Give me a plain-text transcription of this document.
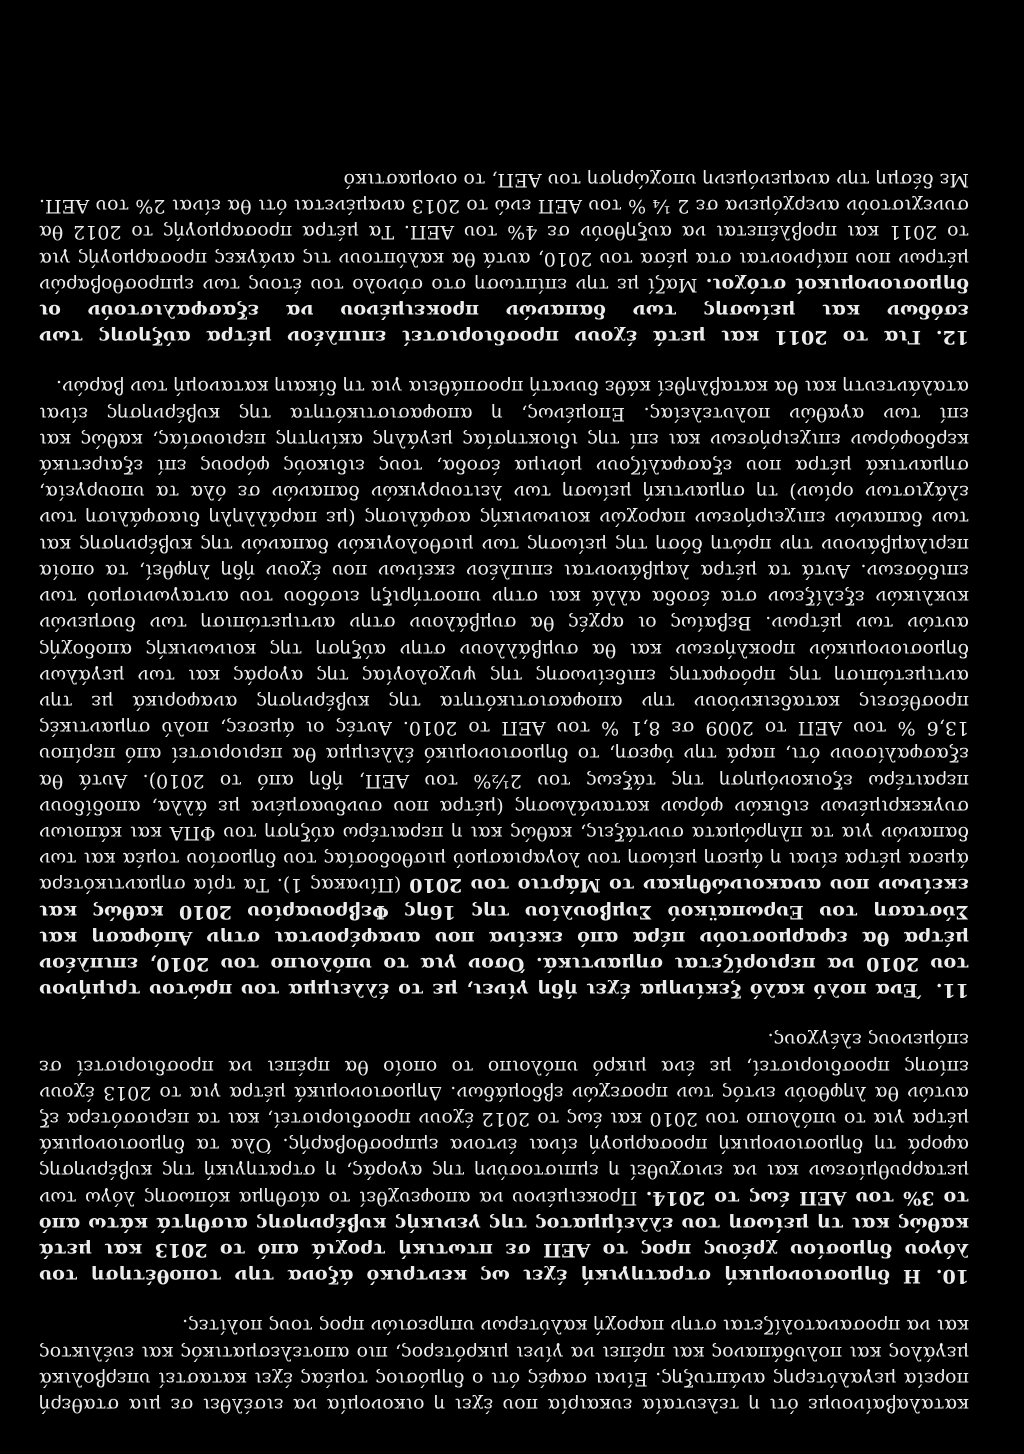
καταλαβαίνουμε ότι η τελευταία ευκαιρία που έχει η οικονομία να εισέλθει σε μια σταθερή πορεία μεγαλύτερης ανάπτυξης. Είναι σαφές ότι ο δημόσιος τομέας έχει καταστεί υπερβολικά μεγάλος και πολυδάπανος και πρέπει να γίνει μικρότερος, πιο αποτελεσματικός και ευέλικτος και να προσανατολίζεται στην παροχή καλύτερων υπηρεσιών προς τους πολίτες.

10.Η δημοσιονομική στρατηγική έχει ως κεντρικό άξονα την τοποθέτηση του λόγου δημοσίου χρέους προς το ΑΕΠ σε πτωτική τροχιά από το 2013 και μετά καθώς και τη μείωση του ελλείμματος της γενικής κυβέρνησης αισθητά κάτω από το 3% του ΑΕΠ έως το 2014. Προκειμένου να αποφευχθεί το αίσθημα κόπωσης λόγω των μεταρρυθμίσεων και να ενισχυθεί η εμπιστοσύνη της αγοράς, η στρατηγική της κυβέρνησης αφορά τη δημοσιονομική προσαρμογή είναι έντονα εμπροσθοβαρής. Όλα τα δημοσιονομικά μέτρα για το υπόλοιπο του 2010 και έως το 2012 έχουν προσδιοριστεί, και τα περισσότερα εξ αυτών θα ληφθούν εντός των προσεχών εβδομάδων. Δημοσιονομικά μέτρα για το 2013 έχουν επίσης προσδιοριστεί, με ένα μικρό υπόλοιπο το οποίο θα πρέπει να προσδιοριστεί σε επόμενους ελέγχους.

11.Ένα πολύ καλό ξεκίνημα έχει ήδη γίνει, με το έλλειμμα του πρώτου τριμήνου του 2010 να περιορίζεται σημαντικά. Όσον για το υπόλοιπο του 2010, επιπλέον μέτρα θα εφαρμοστούν πέρα από εκείνα που αναφέρονται στην Απόφαση και Σύσταση του Ευρωπαϊκού Συμβουλίου της 16ης Φεβρουαρίου 2010 καθώς και εκείνων που ανακοινώθηκαν το Μάρτιο του 2010 (Πίνακας 1). Τα τρία σημαντικότερα άμεσα μέτρα είναι η άμεση μείωση του λογαριασμού μισθοδοσίας του δημοσίου τομέα και των δαπανών για τα πληρώματα συντάξεις, καθώς και η περαιτέρω αύξηση του ΦΠΑ και κάποιων συγκεκριμένων ειδικών φόρων κατανάλωσης (μέτρα που συνδυασμένα με άλλα, αποδίδουν περαιτέρω εξοικονόμηση της τάξεως του 2½% του ΑΕΠ, ήδη από το 2010). Αυτά θα εξασφαλίσουν ότι, παρά την ύφεση, το δημοσιονομικό έλλειμμα θα περιοριστεί από περίπου 13,6 % του ΑΕΠ το 2009 σε 8,1 % του ΑΕΠ το 2010. Αυτές οι άμεσες, πολύ σημαντικές προσθέσεις καταδεικνύουν την αποφασιστικότητα της κυβέρνησης αναφορικά με την αντιμετώπιση της πρόσφατης επιδείνωσης της ψυχολογίας της αγοράς και των μεγάλων δημοσιονομικών προκλήσεων και θα συμβάλλουν στην αύξηση της κοινωνικής αποδοχής αυτών των μέτρων. Βεβαίως οι αρχές θα συμβάλουν στην αντιμετώπιση των δυσμενών κυκλικών εξελίξεων στα έσοδα αλλά και στην υποστήριξη εισόδου του ανταγωνισμού των επιδόσεων. Αυτά τα μέτρα λαμβάνονται επιπλέον εκείνων που έχουν ήδη ληφθεί, τα οποία περιλαμβάνουν την πρώτη δόση της μείωσης των μισθολογικών δαπανών της κυβέρνησης και των δαπανών επιχειρήσεων παροχών κοινωνικής ασφάλισης (με παράλληλη διασφάλιση των ελάχιστων ορίων) τη σημαντική μείωση των λειτουργικών δαπανών σε όλα τα υπουργεία, σημαντικά μέτρα που εξασφαλίζουν μόνιμα έσοδα, τους ειδικούς φόρους επί εξαιρετικά κερδοφόρων επιχειρήσεων και επί της ιδιοκτησίας μεγάλης ακίνητης περιουσίας, καθώς και επί των αγαθών πολυτελείας. Επομένως, η αποφασιστικότητα της κυβέρνησης είναι αταλάντευτη και θα καταβληθεί κάθε δυνατή προσπάθεια για τη δίκαιη κατανομή των βαρών.

12.Για το 2011 και μετά έχουν προσδιοριστεί επιπλέον μέτρα αύξησης των εσόδων και μείωσης των δαπανών προκειμένου να εξασφαλιστούν οι δημοσιονομικοί στόχοι. Μαζί με την επίπτωση στο σύνολο του έτους των εμπροσθοβαρών μέτρων που παίρνονται στα μέσα του 2010, αυτά θα καλύπτουν τις ανάγκες προσαρμογής για το 2011 και προβλέπεται να αυξηθούν σε 4% του ΑΕΠ. Τα μέτρα προσαρμογής το 2012 θα συνεχιστούν ανερχόμενα σε 2 ¼ % του ΑΕΠ ενώ το 2013 αναμένεται ότι θα είναι 2% του ΑΕΠ. Με δέσμη την αναμενόμενη υποχώρηση του ΑΕΠ, το ονομαστικό
